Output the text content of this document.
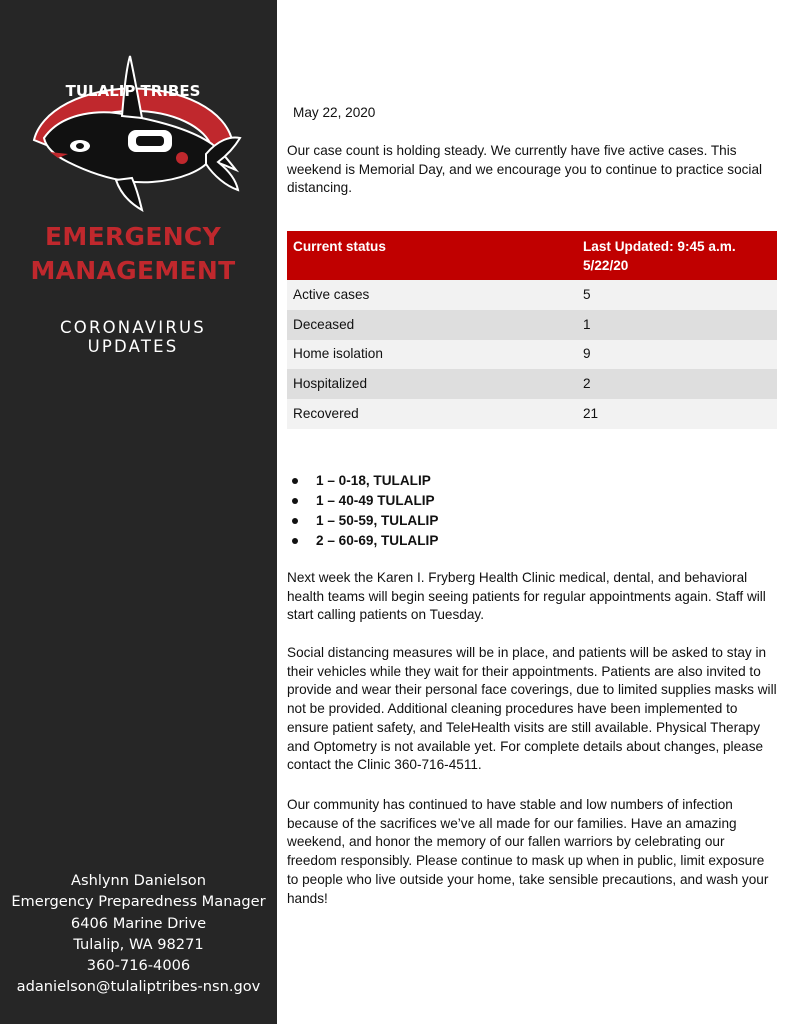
TULALIP TRIBES
EMERGENCY
MANAGEMENT
CORONAVIRUS
UPDATES
Ashlynn Danielson
Emergency Preparedness Manager
6406 Marine Drive
Tulalip, WA 98271
360-716-4006
adanielson@tulaliptribes-nsn.gov

May 22, 2020

Our case count is holding steady. We currently have five active cases. This weekend is Memorial Day, and we encourage you to continue to practice social distancing.

Current status	Last Updated: 9:45 a.m. 5/22/20
Active cases	5
Deceased	1
Home isolation	9
Hospitalized	2
Recovered	21
1 – 0-18, TULALIP
1 – 40-49 TULALIP
1 – 50-59, TULALIP
2 – 60-69, TULALIP

Next week the Karen I. Fryberg Health Clinic medical, dental, and behavioral health teams will begin seeing patients for regular appointments again. Staff will start calling patients on Tuesday.

Social distancing measures will be in place, and patients will be asked to stay in their vehicles while they wait for their appointments. Patients are also invited to provide and wear their personal face coverings, due to limited supplies masks will not be provided. Additional cleaning procedures have been implemented to ensure patient safety, and TeleHealth visits are still available. Physical Therapy and Optometry is not available yet. For complete details about changes, please contact the Clinic 360-716-4511.

Our community has continued to have stable and low numbers of infection because of the sacrifices we’ve all made for our families. Have an amazing weekend, and honor the memory of our fallen warriors by celebrating our freedom responsibly. Please continue to mask up when in public, limit exposure to people who live outside your home, take sensible precautions, and wash your hands!
